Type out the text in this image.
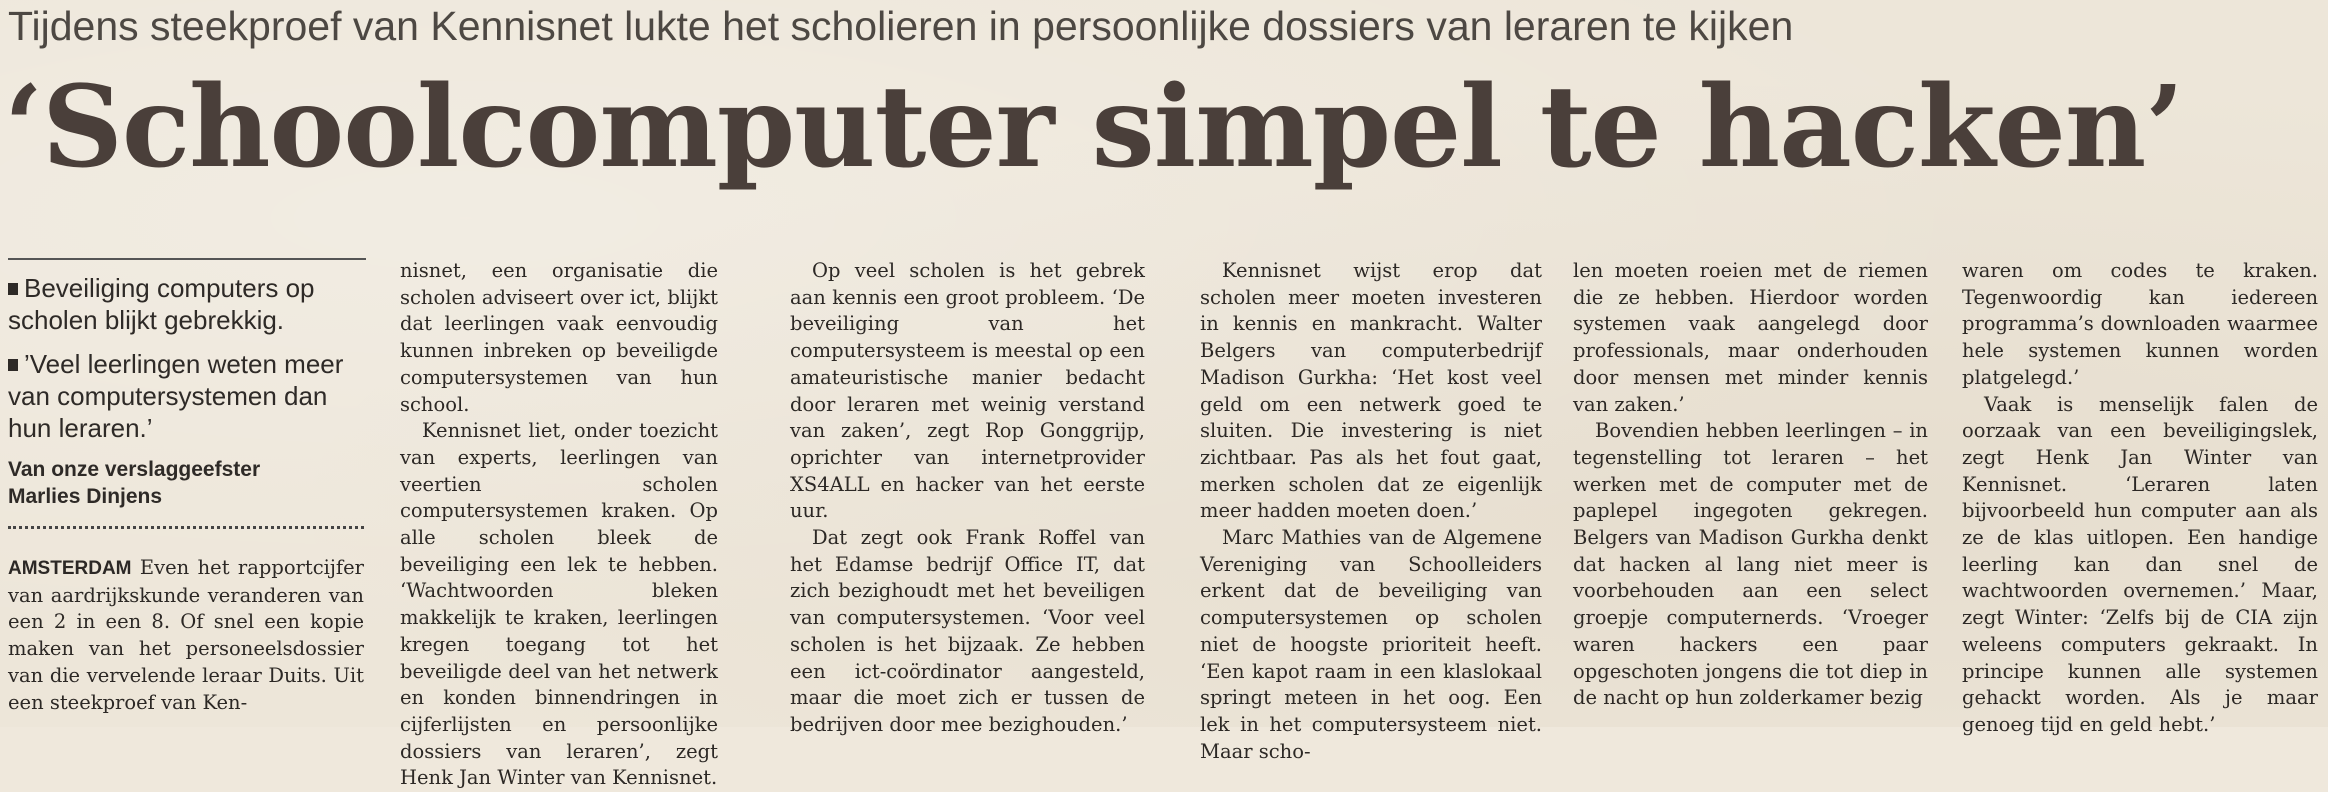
Tijdens steekproef van Kennisnet lukte het scholieren in persoonlijke dossiers van leraren te kijken
‘Schoolcomputer simpel te hacken’
Beveiliging computers op scholen blijkt gebrekkig.
’Veel leerlingen weten meer van computersystemen dan hun leraren.’
Van onze verslaggeefster
Marlies Dinjens

AMSTERDAM Even het rapportcijfer van aardrijkskunde veranderen van een 2 in een 8. Of snel een kopie maken van het personeelsdossier van die vervelende leraar Duits. Uit een steekproef van Ken-

nisnet, een organisatie die scholen adviseert over ict, blijkt dat leerlingen vaak eenvoudig kunnen inbreken op beveiligde computersystemen van hun school.

Kennisnet liet, onder toezicht van experts, leerlingen van veertien scholen computersystemen kraken. Op alle scholen bleek de beveiliging een lek te hebben. ‘Wachtwoorden bleken makkelijk te kraken, leerlingen kregen toegang tot het beveiligde deel van het netwerk en konden binnendringen in cijferlijsten en persoonlijke dossiers van leraren’, zegt Henk Jan Winter van Kennisnet.

Op veel scholen is het gebrek aan kennis een groot probleem. ‘De beveiliging van het computersysteem is meestal op een amateuristische manier bedacht door leraren met weinig verstand van zaken’, zegt Rop Gonggrijp, oprichter van internetprovider XS4ALL en hacker van het eerste uur.

Dat zegt ook Frank Roffel van het Edamse bedrijf Office IT, dat zich bezighoudt met het beveiligen van computersystemen. ‘Voor veel scholen is het bijzaak. Ze hebben een ict-coördinator aangesteld, maar die moet zich er tussen de bedrijven door mee bezighouden.’

Kennisnet wijst erop dat scholen meer moeten investeren in kennis en mankracht. Walter Belgers van computerbedrijf Madison Gurkha: ‘Het kost veel geld om een netwerk goed te sluiten. Die investering is niet zichtbaar. Pas als het fout gaat, merken scholen dat ze eigenlijk meer hadden moeten doen.’

Marc Mathies van de Algemene Vereniging van Schoolleiders erkent dat de beveiliging van computersystemen op scholen niet de hoogste prioriteit heeft. ‘Een kapot raam in een klaslokaal springt meteen in het oog. Een lek in het computersysteem niet. Maar scho-

len moeten roeien met de riemen die ze hebben. Hierdoor worden systemen vaak aangelegd door professionals, maar onderhouden door mensen met minder kennis van zaken.’

Bovendien hebben leerlingen – in tegenstelling tot leraren – het werken met de computer met de paplepel ingegoten gekregen. Belgers van Madison Gurkha denkt dat hacken al lang niet meer is voorbehouden aan een select groepje computernerds. ‘Vroeger waren hackers een paar opgeschoten jongens die tot diep in de nacht op hun zolderkamer bezig

waren om codes te kraken. Tegenwoordig kan iedereen programma’s downloaden waarmee hele systemen kunnen worden platgelegd.’

Vaak is menselijk falen de oorzaak van een beveiligingslek, zegt Henk Jan Winter van Kennisnet. ‘Leraren laten bijvoorbeeld hun computer aan als ze de klas uitlopen. Een handige leerling kan dan snel de wachtwoorden overnemen.’ Maar, zegt Winter: ‘Zelfs bij de CIA zijn weleens computers gekraakt. In principe kunnen alle systemen gehackt worden. Als je maar genoeg tijd en geld hebt.’
